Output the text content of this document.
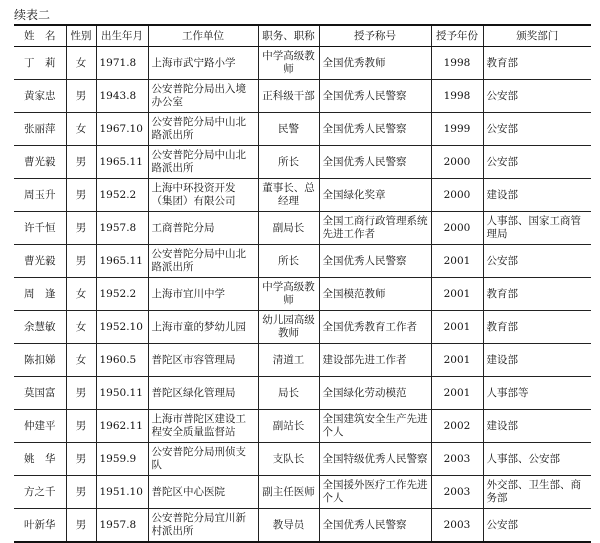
续表二
姓　名	性别	出生年月	工作单位	职务、职称	授予称号	授予年份	颁奖部门
丁　莉	女	1971.8	上海市武宁路小学	中学高级教师	全国优秀教师	1998	教育部
黄家忠	男	1943.8	公安普陀分局出入境办公室	正科级干部	全国优秀人民警察	1998	公安部
张丽萍	女	1967.10	公安普陀分局中山北路派出所	民警	全国优秀人民警察	1999	公安部
曹光毅	男	1965.11	公安普陀分局中山北路派出所	所长	全国优秀人民警察	2000	公安部
周玉升	男	1952.2	上海中环投资开发（集团）有限公司	董事长、总经理	全国绿化奖章	2000	建设部
许千恒	男	1957.8	工商普陀分局	副局长	全国工商行政管理系统先进工作者	2000	人事部、国家工商管理局
曹光毅	男	1965.11	公安普陀分局中山北路派出所	所长	全国优秀人民警察	2001	公安部
周　逢	女	1952.2	上海市宜川中学	中学高级教师	全国模范教师	2001	教育部
余慧敏	女	1952.10	上海市童的梦幼儿园	幼儿园高级教师	全国优秀教育工作者	2001	教育部
陈扣娣	女	1960.5	普陀区市容管理局	清道工	建设部先进工作者	2001	建设部
莫国富	男	1950.11	普陀区绿化管理局	局长	全国绿化劳动模范	2001	人事部等
仲建平	男	1962.11	上海市普陀区建设工程安全质量监督站	副站长	全国建筑安全生产先进个人	2002	建设部
姚　华	男	1959.9	公安普陀分局刑侦支队	支队长	全国特级优秀人民警察	2003	人事部、公安部
方之千	男	1951.10	普陀区中心医院	副主任医师	全国援外医疗工作先进个人	2003	外交部、卫生部、商务部
叶新华	男	1957.8	公安普陀分局宜川新村派出所	教导员	全国优秀人民警察	2003	公安部
